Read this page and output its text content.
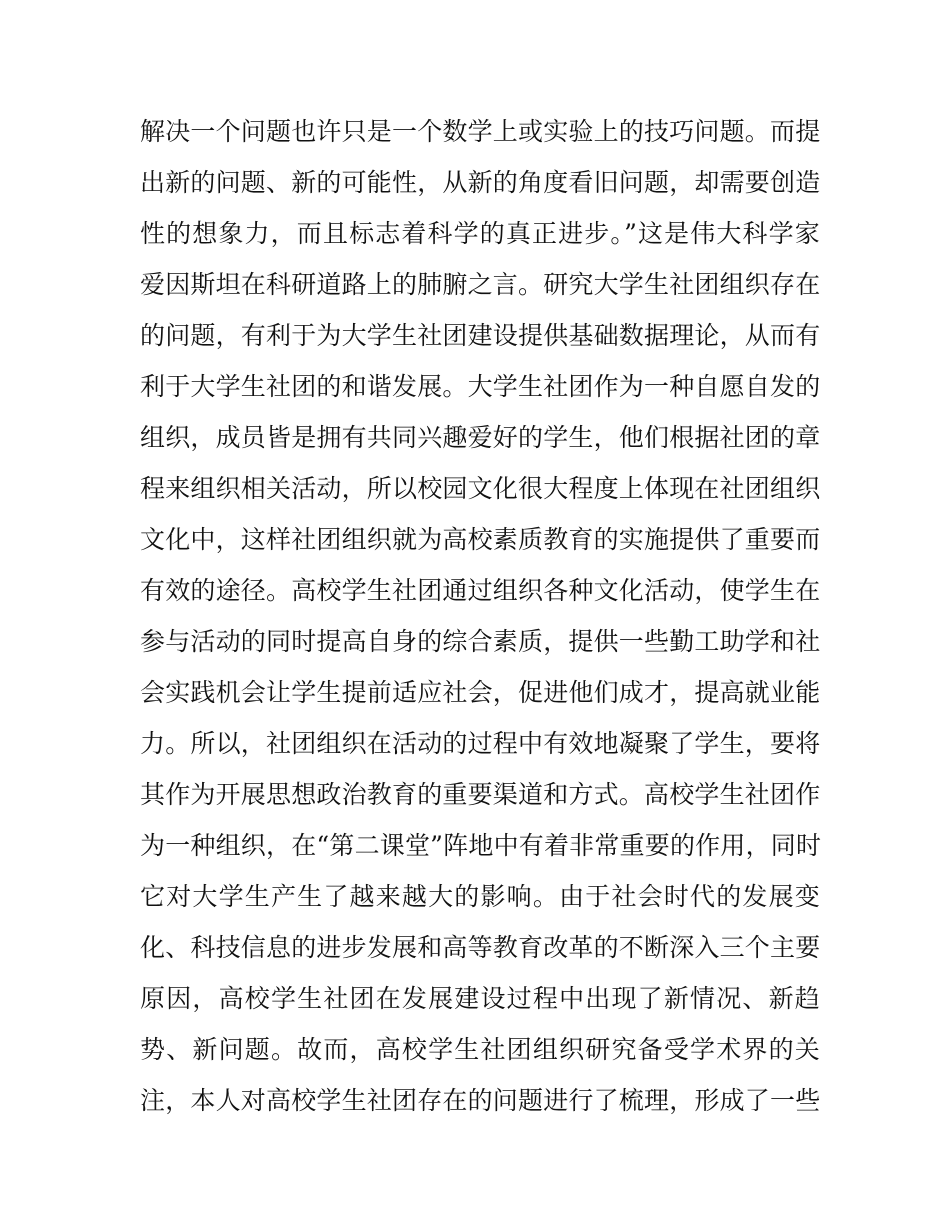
解决一个问题也许只是一个数学上或实验上的技巧问题。而提
出新的问题、新的可能性，从新的角度看旧问题，却需要创造
性的想象力，而且标志着科学的真正进步。”这是伟大科学家
爱因斯坦在科研道路上的肺腑之言。研究大学生社团组织存在
的问题，有利于为大学生社团建设提供基础数据理论，从而有
利于大学生社团的和谐发展。大学生社团作为一种自愿自发的
组织，成员皆是拥有共同兴趣爱好的学生，他们根据社团的章
程来组织相关活动，所以校园文化很大程度上体现在社团组织
文化中，这样社团组织就为高校素质教育的实施提供了重要而
有效的途径。高校学生社团通过组织各种文化活动，使学生在
参与活动的同时提高自身的综合素质，提供一些勤工助学和社
会实践机会让学生提前适应社会，促进他们成才，提高就业能
力。所以，社团组织在活动的过程中有效地凝聚了学生，要将
其作为开展思想政治教育的重要渠道和方式。高校学生社团作
为一种组织，在“第二课堂”阵地中有着非常重要的作用，同时
它对大学生产生了越来越大的影响。由于社会时代的发展变
化、科技信息的进步发展和高等教育改革的不断深入三个主要
原因，高校学生社团在发展建设过程中出现了新情况、新趋
势、新问题。故而，高校学生社团组织研究备受学术界的关
注，本人对高校学生社团存在的问题进行了梳理，形成了一些
